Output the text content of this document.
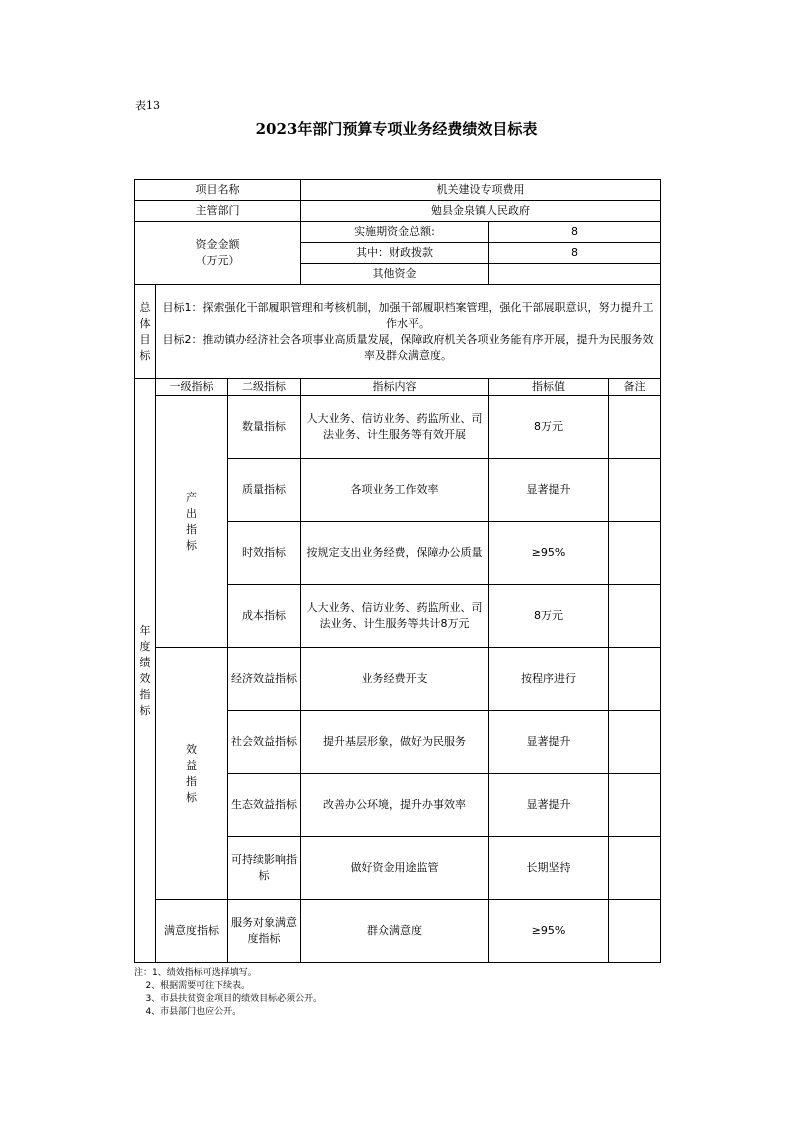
表13
2023年部门预算专项业务经费绩效目标表
项目名称			机关建设专项费用		
主管部门			勉县金泉镇人民政府		

资金金额
（万元）			实施期资金总额:	8	
			其中：财政拨款	8	
			其他资金		
总体目标	目标1：探索强化干部履职管理和考核机制，加强干部履职档案管理，强化干部展职意识，努力提升工作水平。
目标2：推动镇办经济社会各项事业高质量发展，保障政府机关各项业务能有序开展，提升为民服务效率及群众满意度。				

年度绩效指标	一级指标	二级指标	指标内容	指标值	备注
	产出指标	数量指标	人大业务、信访业务、药监所业、司法业务、计生服务等有效开展	8万元	
		质量指标	各项业务工作效率	显著提升	
		时效指标	按规定支出业务经费，保障办公质量	≥95%	
		成本指标	人大业务、信访业务、药监所业、司法业务、计生服务等共计8万元	8万元	
	效益指标	经济效益指标	业务经费开支	按程序进行	
		社会效益指标	提升基层形象，做好为民服务	显著提升	
		生态效益指标	改善办公环境，提升办事效率	显著提升	
		可持续影响指标	做好资金用途监管	长期坚持	
	满意度指标	服务对象满意度指标	群众满意度	≥95%	
注：1、绩效指标可选择填写。
2、根据需要可往下续表。
3、市县扶贫资金项目的绩效目标必须公开。
4、市县部门也应公开。
